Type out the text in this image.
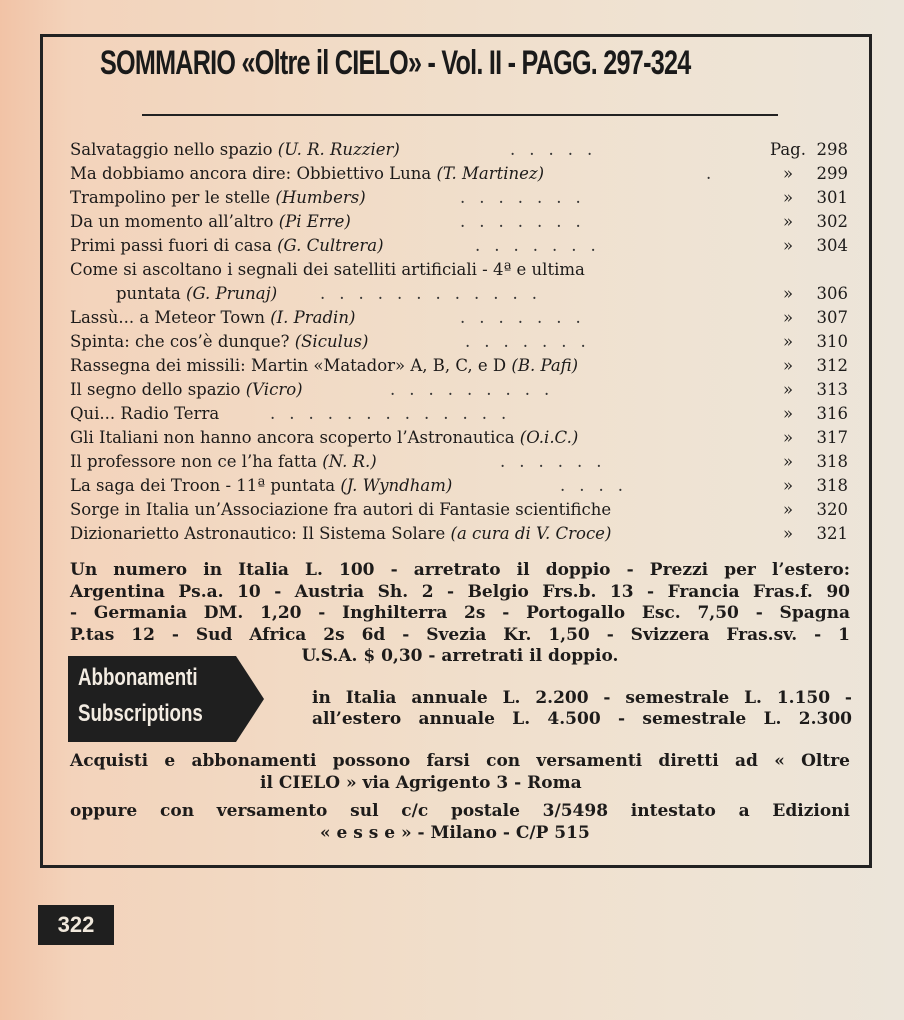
SOMMARIO «Oltre il CIELO» - Vol. II - PAGG. 297-324
Salvataggio nello spazio (U. R. Ruzzier)	.....	Pag. 298
Ma dobbiamo ancora dire: Obbiettivo Luna (T. Martinez)	.	»	299
Trampolino per le stelle (Humbers)	.......	»	301
Da un momento all’altro (Pi Erre)	.......	»	302
Primi passi fuori di casa (G. Cultrera)	.......	»	304
Come si ascoltano i segnali dei satelliti artificiali - 4ª e ultima
puntata (G. Prunaj)	............	»	306
Lassù... a Meteor Town (I. Pradin)	.......	»	307
Spinta: che cos’è dunque? (Siculus)	.......	»	310
Rassegna dei missili: Martin «Matador» A, B, C, e D (B. Pafi)	»	312
Il segno dello spazio (Vicro)	.........	»	313
Qui... Radio Terra	.............	»	316
Gli Italiani non hanno ancora scoperto l’Astronautica (O.i.C.)	»	317
Il professore non ce l’ha fatta (N. R.)	......	»	318
La saga dei Troon - 11ª puntata (J. Wyndham)	....	»	318
Sorge in Italia un’Associazione fra autori di Fantasie scientifiche	»	320
Dizionarietto Astronautico: Il Sistema Solare (a cura di V. Croce)	»	321
Un numero in Italia L. 100 - arretrato il doppio - Prezzi per l’estero:
Argentina Ps.a. 10 - Austria Sh. 2 - Belgio Frs.b. 13 - Francia Fras.f. 90
- Germania DM. 1,20 - Inghilterra 2s - Portogallo Esc. 7,50 - Spagna
P.tas 12 - Sud Africa 2s 6d - Svezia Kr. 1,50 - Svizzera Fras.sv. - 1
U.S.A. $ 0,30 - arretrati il doppio.
Abbonamenti
Subscriptions
in Italia annuale L. 2.200 - semestrale L. 1.150 -
all’estero annuale L. 4.500 - semestrale L. 2.300
Acquisti e abbonamenti possono farsi con versamenti diretti ad « Oltre
il CIELO » via Agrigento 3 - Roma
oppure con versamento sul c/c postale 3/5498 intestato a Edizioni
« e s s e » - Milano - C/P 515
322
